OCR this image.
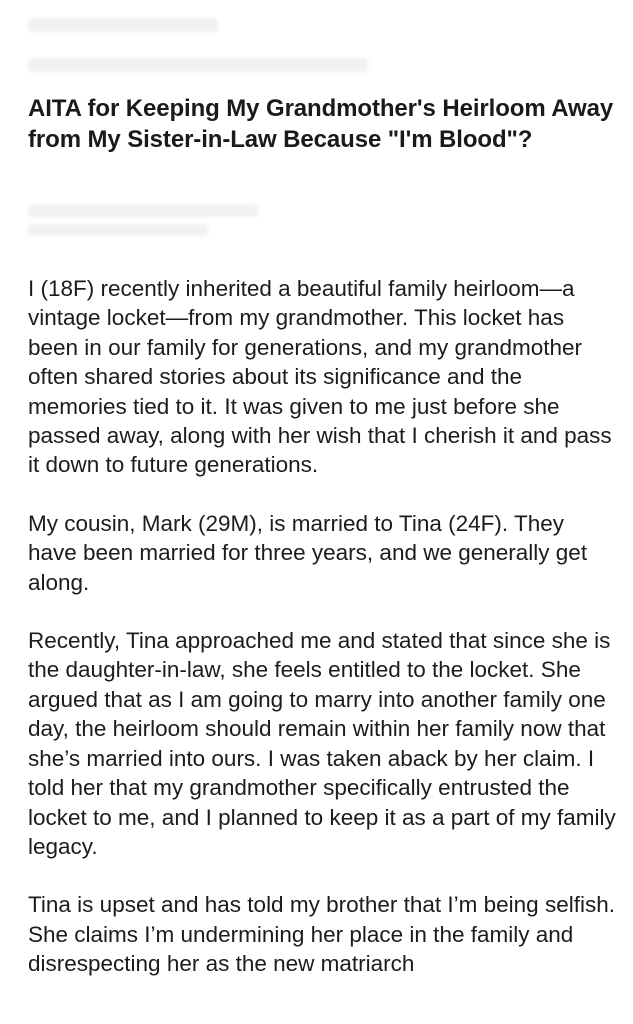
AITA for Keeping My Grandmother's Heirloom Away from My Sister-in-Law Because "I'm Blood"?

I (18F) recently inherited a beautiful family heirloom—a vintage locket—from my grandmother. This locket has been in our family for generations, and my grandmother often shared stories about its significance and the memories tied to it. It was given to me just before she passed away, along with her wish that I cherish it and pass it down to future generations.

My cousin, Mark (29M), is married to Tina (24F). They have been married for three years, and we generally get along.

Recently, Tina approached me and stated that since she is the daughter-in-law, she feels entitled to the locket. She argued that as I am going to marry into another family one day, the heirloom should remain within her family now that she’s married into ours. I was taken aback by her claim. I told her that my grandmother specifically entrusted the locket to me, and I planned to keep it as a part of my family legacy.

Tina is upset and has told my brother that I’m being selfish. She claims I’m undermining her place in the family and disrespecting her as the new matriarch
